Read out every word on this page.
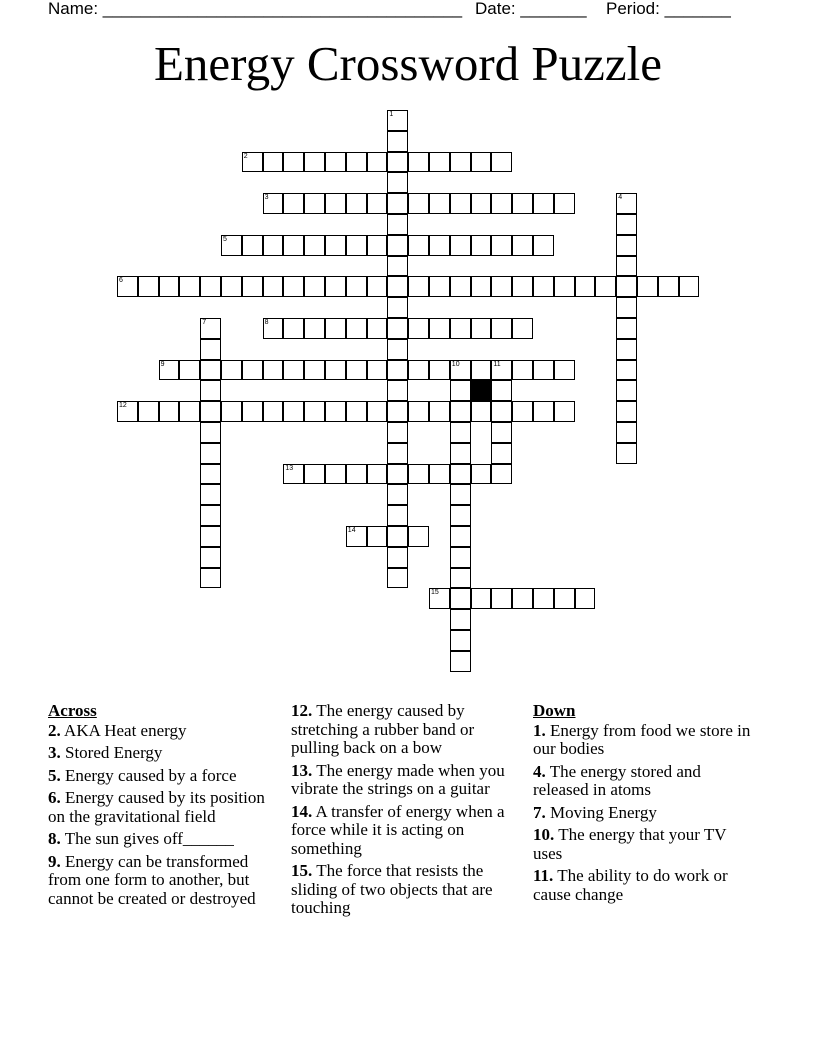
Name: ______________________________________ Date: _______ Period: _______
Energy Crossword Puzzle
1
2
3	4
5
6
7	8
9	10	11
12
13
14
15
Across
2. AKA Heat energy
3. Stored Energy
5. Energy caused by a force
6. Energy caused by its position on the gravitational field
8. The sun gives off______
9. Energy can be transformed from one form to another, but cannot be created or destroyed
12. The energy caused by stretching a rubber band or pulling back on a bow
13. The energy made when you vibrate the strings on a guitar
14. A transfer of energy when a force while it is acting on something
15. The force that resists the sliding of two objects that are touching
Down
1. Energy from food we store in our bodies
4. The energy stored and released in atoms
7. Moving Energy
10. The energy that your TV uses
11. The ability to do work or cause change
